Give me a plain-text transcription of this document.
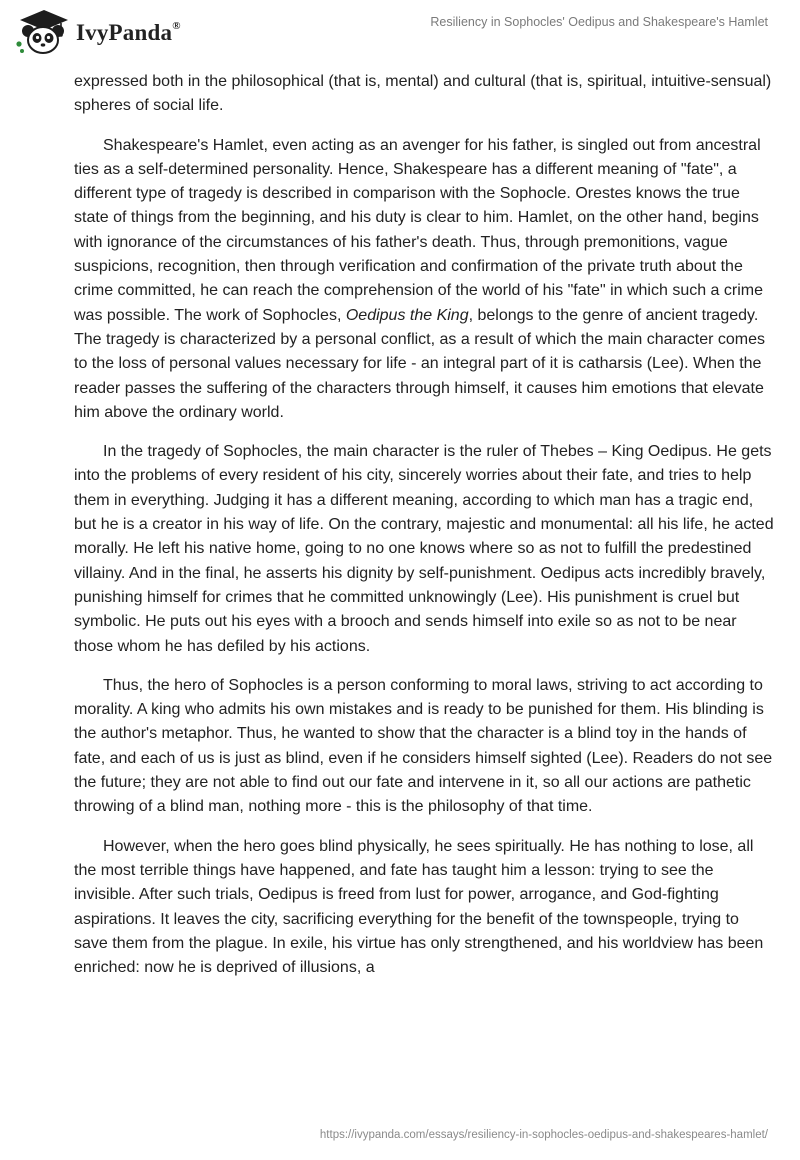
IvyPanda®	Resiliency in Sophocles' Oedipus and Shakespeare's Hamlet

expressed both in the philosophical (that is, mental) and cultural (that is, spiritual, intuitive-sensual) spheres of social life.

Shakespeare's Hamlet, even acting as an avenger for his father, is singled out from ancestral ties as a self-determined personality. Hence, Shakespeare has a different meaning of "fate", a different type of tragedy is described in comparison with the Sophocle. Orestes knows the true state of things from the beginning, and his duty is clear to him. Hamlet, on the other hand, begins with ignorance of the circumstances of his father's death. Thus, through premonitions, vague suspicions, recognition, then through verification and confirmation of the private truth about the crime committed, he can reach the comprehension of the world of his "fate" in which such a crime was possible. The work of Sophocles, Oedipus the King, belongs to the genre of ancient tragedy. The tragedy is characterized by a personal conflict, as a result of which the main character comes to the loss of personal values necessary for life - an integral part of it is catharsis (Lee). When the reader passes the suffering of the characters through himself, it causes him emotions that elevate him above the ordinary world.

In the tragedy of Sophocles, the main character is the ruler of Thebes – King Oedipus. He gets into the problems of every resident of his city, sincerely worries about their fate, and tries to help them in everything. Judging it has a different meaning, according to which man has a tragic end, but he is a creator in his way of life. On the contrary, majestic and monumental: all his life, he acted morally. He left his native home, going to no one knows where so as not to fulfill the predestined villainy. And in the final, he asserts his dignity by self-punishment. Oedipus acts incredibly bravely, punishing himself for crimes that he committed unknowingly (Lee). His punishment is cruel but symbolic. He puts out his eyes with a brooch and sends himself into exile so as not to be near those whom he has defiled by his actions.

Thus, the hero of Sophocles is a person conforming to moral laws, striving to act according to morality. A king who admits his own mistakes and is ready to be punished for them. His blinding is the author's metaphor. Thus, he wanted to show that the character is a blind toy in the hands of fate, and each of us is just as blind, even if he considers himself sighted (Lee). Readers do not see the future; they are not able to find out our fate and intervene in it, so all our actions are pathetic throwing of a blind man, nothing more - this is the philosophy of that time.

However, when the hero goes blind physically, he sees spiritually. He has nothing to lose, all the most terrible things have happened, and fate has taught him a lesson: trying to see the invisible. After such trials, Oedipus is freed from lust for power, arrogance, and God-fighting aspirations. It leaves the city, sacrificing everything for the benefit of the townspeople, trying to save them from the plague. In exile, his virtue has only strengthened, and his worldview has been enriched: now he is deprived of illusions, a

https://ivypanda.com/essays/resiliency-in-sophocles-oedipus-and-shakespeares-hamlet/
